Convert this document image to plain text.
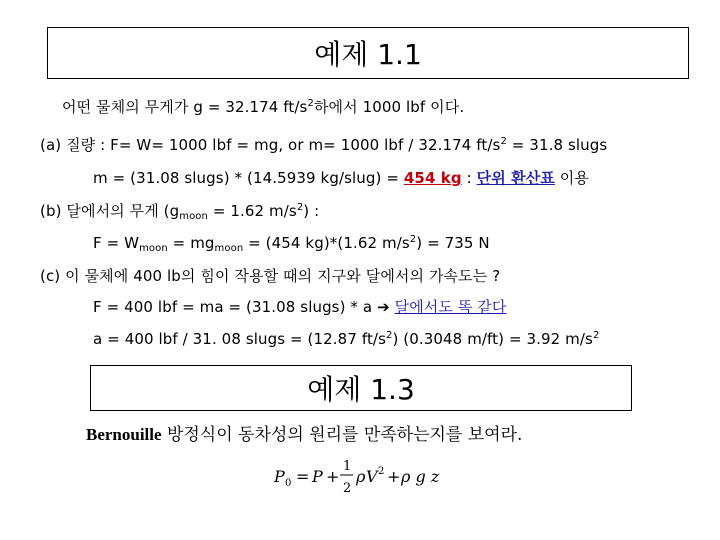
예제 1.1
어떤 물체의 무게가 g = 32.174 $ft/s^2$하에서 1000 lbf 이다.
(a) 질량 : F= W= 1000 lbf = mg, or m= 1000 lbf / 32.174 $ft/s^2 = 31.8$ slugs
m = (31.08 slugs) * (14.5939 kg/slug) = 454 kg : 단위 환산표 이용
(b) 달에서의 무게 ($g_{moon} = 1.62$ $m/s^2$) :
$F = W_{moon} = mg_{moon} = (454$ kg)*(1.62 $m/s^2) = 735$ N
(c) 이 물체에 400 lb의 힘이 작용할 때의 지구와 달에서의 가속도는 ?
F = 400 lbf = ma = (31.08 slugs) * a ➔ 달에서도 똑 같다
a = 400 lbf / 31. 08 slugs = (12.87 $ft/s^2$) (0.3048 m/ft) = 3.92 $m/s^2$
예제 1.3
Bernouille 방정식이 동차성의 원리를 만족하는지를 보여라.
P 0 = P +
1
2
ρ V 2 + ρ g z
